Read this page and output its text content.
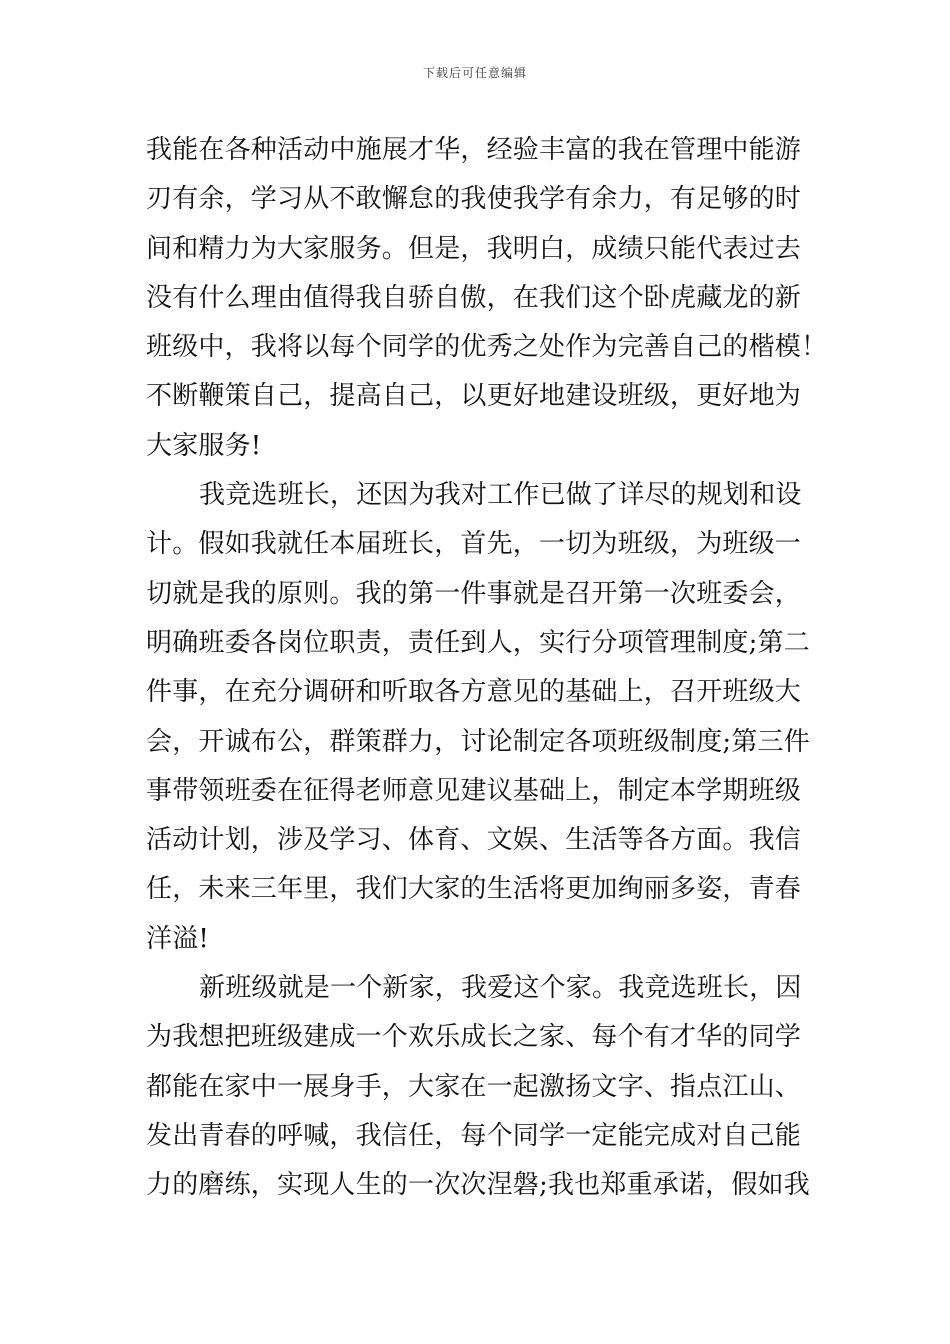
下载后可任意编辑
我能在各种活动中施展才华，经验丰富的我在管理中能游
刃有余，学习从不敢懈怠的我使我学有余力，有足够的时
间和精力为大家服务。但是，我明白，成绩只能代表过去
没有什么理由值得我自骄自傲，在我们这个卧虎藏龙的新
班级中，我将以每个同学的优秀之处作为完善自己的楷模！
不断鞭策自己，提高自己，以更好地建设班级，更好地为
大家服务!
我竞选班长，还因为我对工作已做了详尽的规划和设
计。假如我就任本届班长，首先，一切为班级，为班级一
切就是我的原则。我的第一件事就是召开第一次班委会，
明确班委各岗位职责，责任到人，实行分项管理制度;第二
件事，在充分调研和听取各方意见的基础上，召开班级大
会，开诚布公，群策群力，讨论制定各项班级制度;第三件
事带领班委在征得老师意见建议基础上，制定本学期班级
活动计划，涉及学习、体育、文娱、生活等各方面。我信
任，未来三年里，我们大家的生活将更加绚丽多姿，青春
洋溢!
新班级就是一个新家，我爱这个家。我竞选班长，因
为我想把班级建成一个欢乐成长之家、每个有才华的同学
都能在家中一展身手，大家在一起激扬文字、指点江山、
发出青春的呼喊，我信任，每个同学一定能完成对自己能
力的磨练，实现人生的一次次涅磐;我也郑重承诺，假如我
